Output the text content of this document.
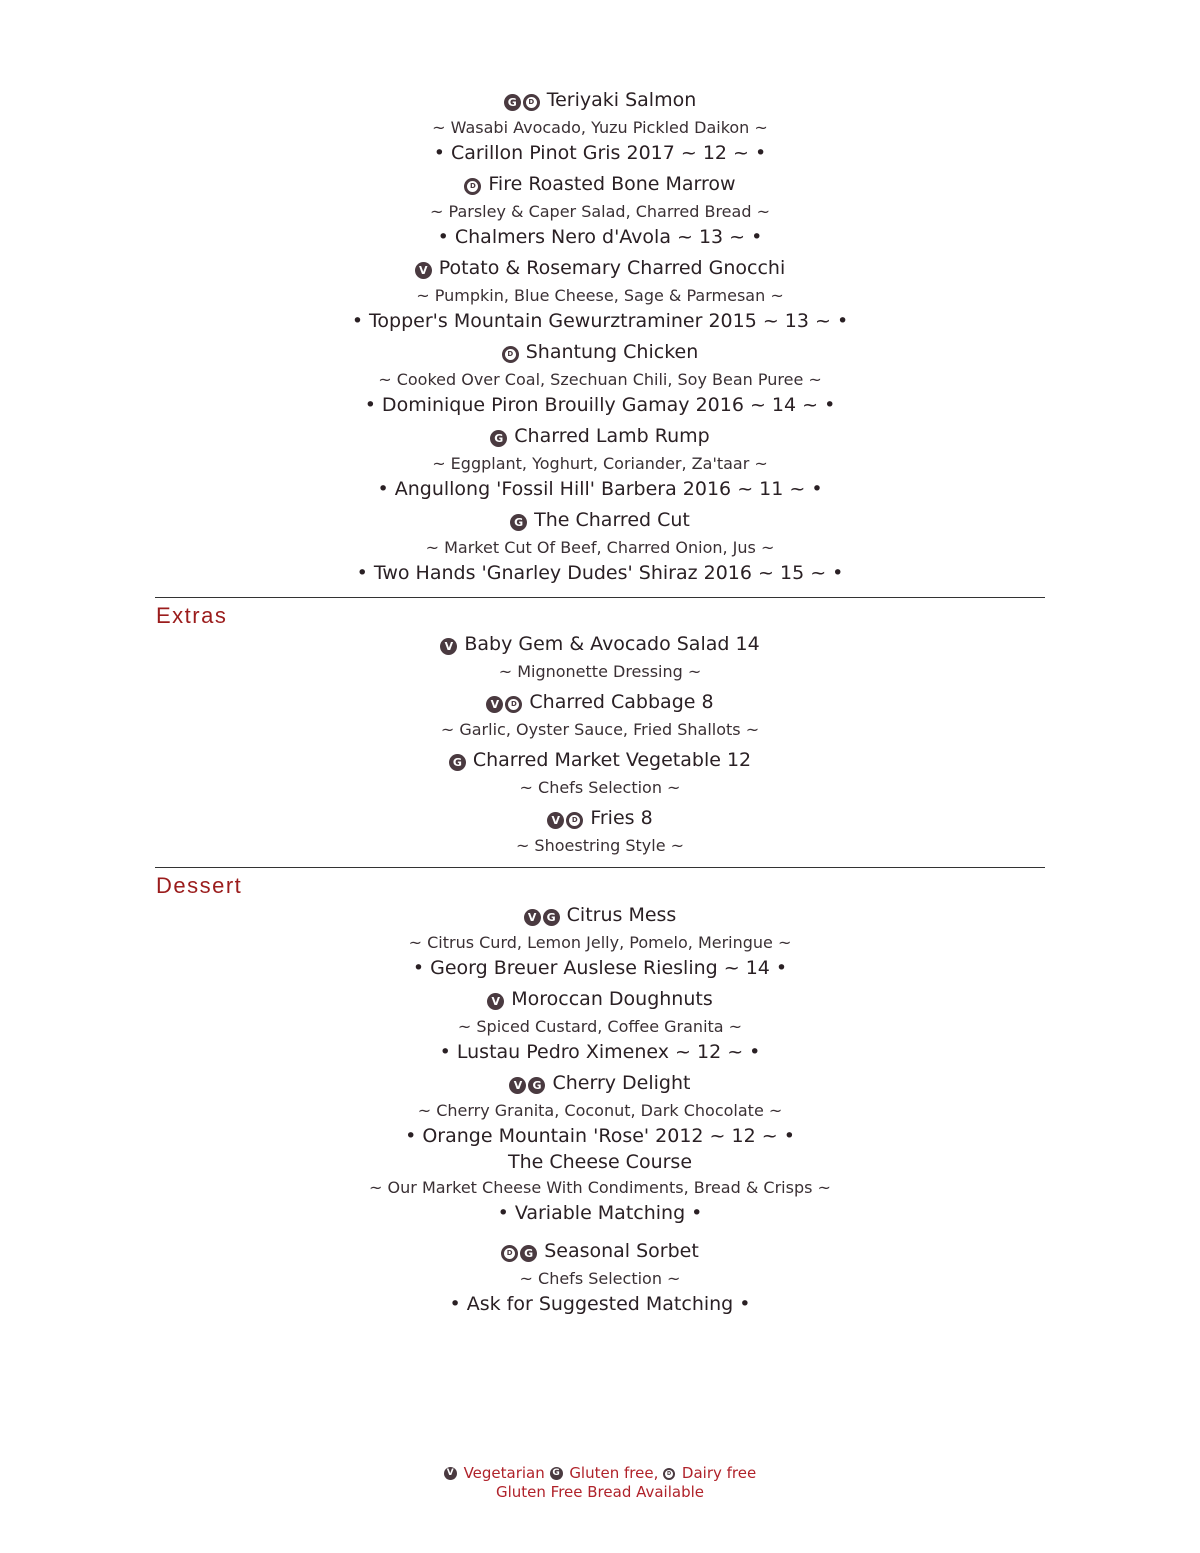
G D Teriyaki Salmon
~ Wasabi Avocado, Yuzu Pickled Daikon ~
• Carillon Pinot Gris 2017 ~ 12 ~ •
D Fire Roasted Bone Marrow
~ Parsley & Caper Salad, Charred Bread ~
• Chalmers Nero d'Avola ~ 13 ~ •
V Potato & Rosemary Charred Gnocchi
~ Pumpkin, Blue Cheese, Sage & Parmesan ~
• Topper's Mountain Gewurztraminer 2015 ~ 13 ~ •
D Shantung Chicken
~ Cooked Over Coal, Szechuan Chili, Soy Bean Puree ~
• Dominique Piron Brouilly Gamay 2016 ~ 14 ~ •
G Charred Lamb Rump
~ Eggplant, Yoghurt, Coriander, Za'taar ~
• Angullong 'Fossil Hill' Barbera 2016 ~ 11 ~ •
G The Charred Cut
~ Market Cut Of Beef, Charred Onion, Jus ~
• Two Hands 'Gnarley Dudes' Shiraz 2016 ~ 15 ~ •
Extras
V Baby Gem & Avocado Salad 14
~ Mignonette Dressing ~
V D Charred Cabbage 8
~ Garlic, Oyster Sauce, Fried Shallots ~
G Charred Market Vegetable 12
~ Chefs Selection ~
V D Fries 8
~ Shoestring Style ~
Dessert
V G Citrus Mess
~ Citrus Curd, Lemon Jelly, Pomelo, Meringue ~
• Georg Breuer Auslese Riesling ~ 14 •
V Moroccan Doughnuts
~ Spiced Custard, Coffee Granita ~
• Lustau Pedro Ximenex ~ 12 ~ •
V G Cherry Delight
~ Cherry Granita, Coconut, Dark Chocolate ~
• Orange Mountain 'Rose' 2012 ~ 12 ~ •
The Cheese Course
~ Our Market Cheese With Condiments, Bread & Crisps ~
• Variable Matching •
D G Seasonal Sorbet
~ Chefs Selection ~
• Ask for Suggested Matching •
V Vegetarian G Gluten free, D Dairy free
Gluten Free Bread Available
